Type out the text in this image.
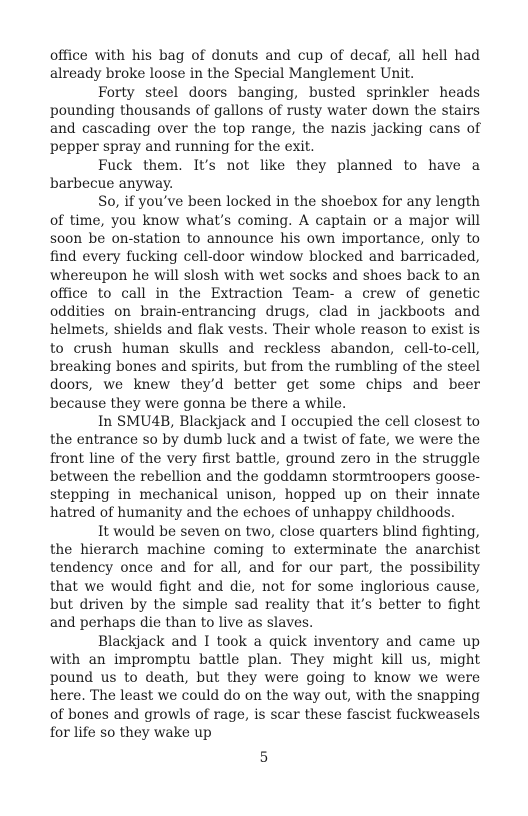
office with his bag of donuts and cup of decaf, all hell had already broke loose in the Special Manglement Unit.

Forty steel doors banging, busted sprinkler heads pounding thousands of gallons of rusty water down the stairs and cascading over the top range, the nazis jacking cans of pepper spray and running for the exit.

Fuck them. It’s not like they planned to have a barbecue anyway.

So, if you’ve been locked in the shoebox for any length of time, you know what’s coming. A captain or a major will soon be on-station to announce his own importance, only to find every fucking cell-door window blocked and barricaded, whereupon he will slosh with wet socks and shoes back to an office to call in the Extraction Team- a crew of genetic oddities on brain-entrancing drugs, clad in jackboots and helmets, shields and flak vests. Their whole reason to exist is to crush human skulls and reckless abandon, cell-to-cell, breaking bones and spirits, but from the rumbling of the steel doors, we knew they’d better get some chips and beer because they were gonna be there a while.

In SMU4B, Blackjack and I occupied the cell closest to the entrance so by dumb luck and a twist of fate, we were the front line of the very first battle, ground zero in the struggle between the rebellion and the goddamn stormtroopers goose-stepping in mechanical unison, hopped up on their innate hatred of humanity and the echoes of unhappy childhoods.

It would be seven on two, close quarters blind fighting, the hierarch machine coming to exterminate the anarchist tendency once and for all, and for our part, the possibility that we would fight and die, not for some inglorious cause, but driven by the simple sad reality that it’s better to fight and perhaps die than to live as slaves.

Blackjack and I took a quick inventory and came up with an impromptu battle plan. They might kill us, might pound us to death, but they were going to know we were here. The least we could do on the way out, with the snapping of bones and growls of rage, is scar these fascist fuckweasels for life so they wake up

5
